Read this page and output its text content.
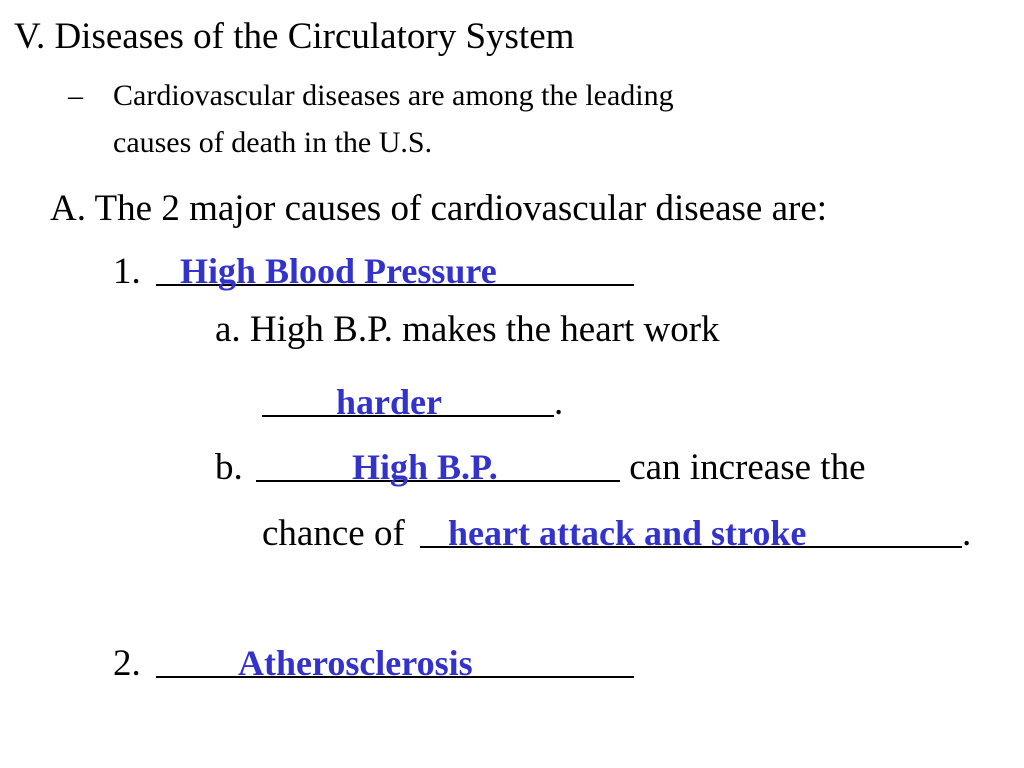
V. Diseases of the Circulatory System
– Cardiovascular diseases are among the leading
causes of death in the U.S.
A. The 2 major causes of cardiovascular disease are:
1. High Blood Pressure
a. High B.P. makes the heart work
harder	.
b.	High B.P.	can increase the
chance of heart attack and stroke	.
2.	Atherosclerosis
